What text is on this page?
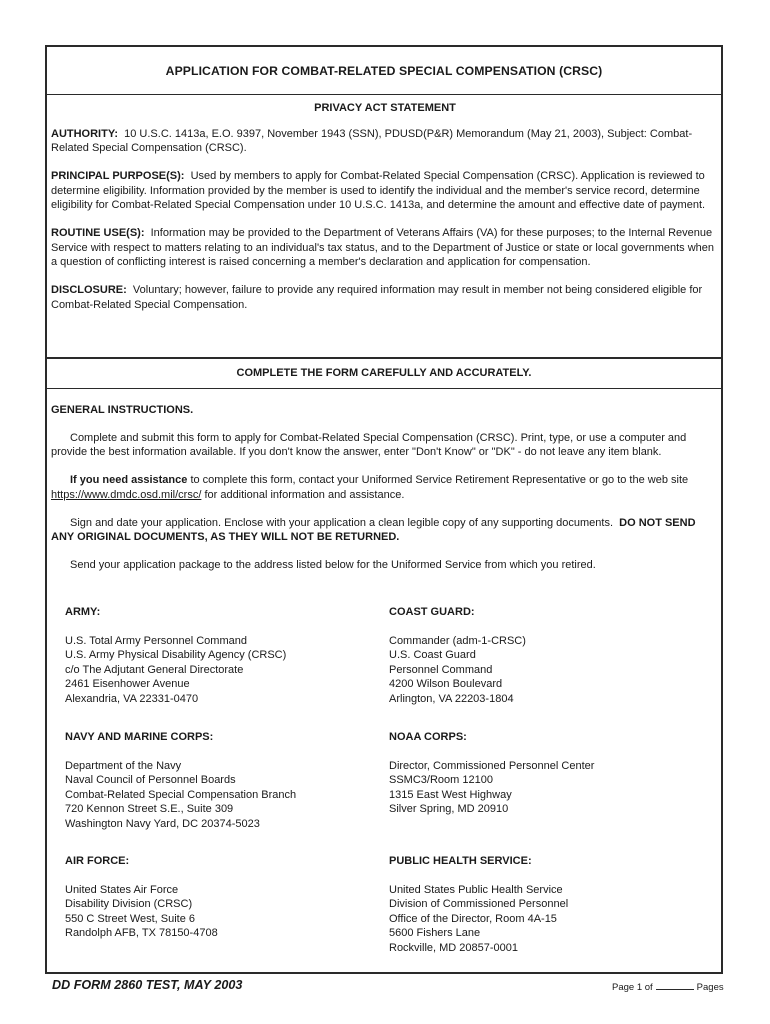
APPLICATION FOR COMBAT-RELATED SPECIAL COMPENSATION (CRSC)
PRIVACY ACT STATEMENT

AUTHORITY: 10 U.S.C. 1413a, E.O. 9397, November 1943 (SSN), PDUSD(P&R) Memorandum (May 21, 2003), Subject: Combat-Related Special Compensation (CRSC).

PRINCIPAL PURPOSE(S): Used by members to apply for Combat-Related Special Compensation (CRSC). Application is reviewed to determine eligibility. Information provided by the member is used to identify the individual and the member's service record, determine eligibility for Combat-Related Special Compensation under 10 U.S.C. 1413a, and determine the amount and effective date of payment.

ROUTINE USE(S): Information may be provided to the Department of Veterans Affairs (VA) for these purposes; to the Internal Revenue Service with respect to matters relating to an individual's tax status, and to the Department of Justice or state or local governments when a question of conflicting interest is raised concerning a member's declaration and application for compensation.

DISCLOSURE: Voluntary; however, failure to provide any required information may result in member not being considered eligible for Combat-Related Special Compensation.

COMPLETE THE FORM CAREFULLY AND ACCURATELY.
GENERAL INSTRUCTIONS.

Complete and submit this form to apply for Combat-Related Special Compensation (CRSC). Print, type, or use a computer and provide the best information available. If you don't know the answer, enter "Don't Know" or "DK" - do not leave any item blank.

If you need assistance to complete this form, contact your Uniformed Service Retirement Representative or go to the web site https://www.dmdc.osd.mil/crsc/ for additional information and assistance.

Sign and date your application. Enclose with your application a clean legible copy of any supporting documents. DO NOT SEND ANY ORIGINAL DOCUMENTS, AS THEY WILL NOT BE RETURNED.

Send your application package to the address listed below for the Uniformed Service from which you retired.

ARMY:
U.S. Total Army Personnel Command
U.S. Army Physical Disability Agency (CRSC)
c/o The Adjutant General Directorate
2461 Eisenhower Avenue
Alexandria, VA 22331-0470
COAST GUARD:
Commander (adm-1-CRSC)
U.S. Coast Guard
Personnel Command
4200 Wilson Boulevard
Arlington, VA 22203-1804
NAVY AND MARINE CORPS:
Department of the Navy
Naval Council of Personnel Boards
Combat-Related Special Compensation Branch
720 Kennon Street S.E., Suite 309
Washington Navy Yard, DC 20374-5023
NOAA CORPS:
Director, Commissioned Personnel Center
SSMC3/Room 12100
1315 East West Highway
Silver Spring, MD 20910
AIR FORCE:
United States Air Force
Disability Division (CRSC)
550 C Street West, Suite 6
Randolph AFB, TX 78150-4708
PUBLIC HEALTH SERVICE:
United States Public Health Service
Division of Commissioned Personnel
Office of the Director, Room 4A-15
5600 Fishers Lane
Rockville, MD 20857-0001
DD FORM 2860 TEST, MAY 2003	Page 1 of	Pages
